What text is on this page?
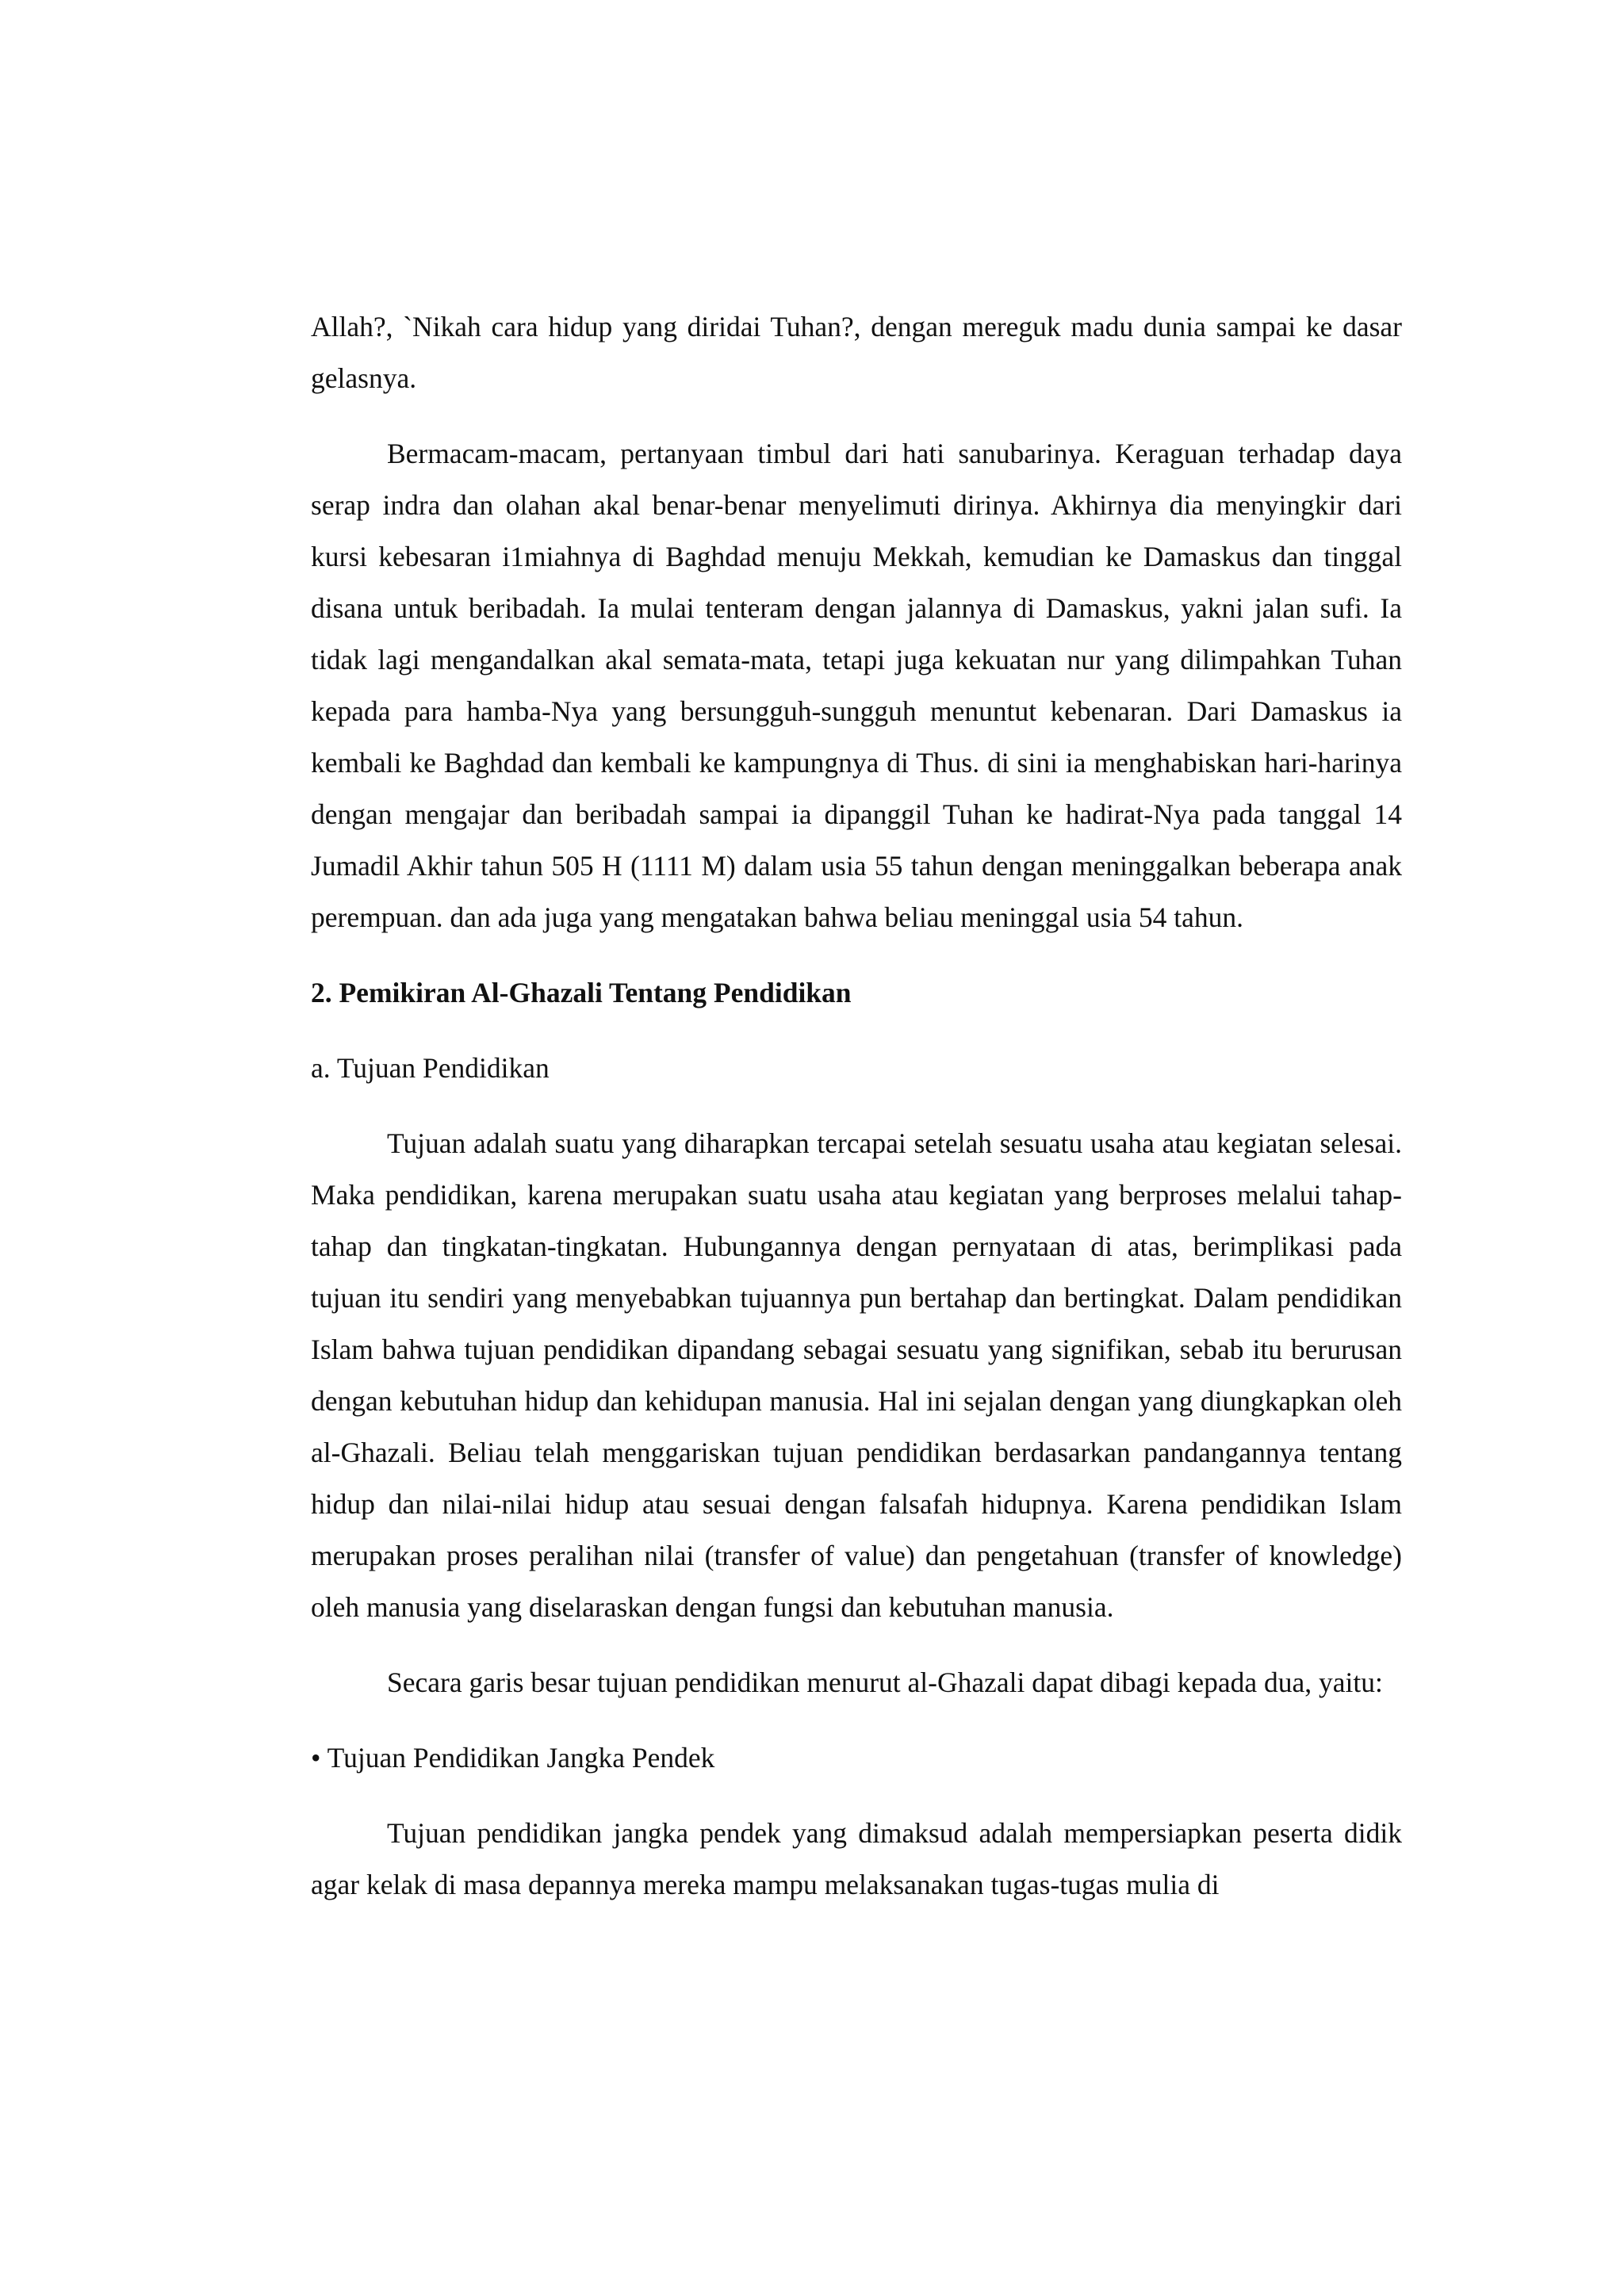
Allah?, `Nikah cara hidup yang diridai Tuhan?, dengan mereguk madu dunia sampai ke dasar gelasnya.

Bermacam-macam, pertanyaan timbul dari hati sanubarinya. Keraguan terhadap daya serap indra dan olahan akal benar-benar menyelimuti dirinya. Akhirnya dia menyingkir dari kursi kebesaran i1miahnya di Baghdad menuju Mekkah, kemudian ke Damaskus dan tinggal disana untuk beribadah. Ia mulai tenteram dengan jalannya di Damaskus, yakni jalan sufi. Ia tidak lagi mengandalkan akal semata-mata, tetapi juga kekuatan nur yang dilimpahkan Tuhan kepada para hamba-Nya yang bersungguh-sungguh menuntut kebenaran. Dari Damaskus ia kembali ke Baghdad dan kembali ke kampungnya di Thus. di sini ia menghabiskan hari-harinya dengan mengajar dan beribadah sampai ia dipanggil Tuhan ke hadirat-Nya pada tanggal 14 Jumadil Akhir tahun 505 H (1111 M) dalam usia 55 tahun dengan meninggalkan beberapa anak perempuan. dan ada juga yang mengatakan bahwa beliau meninggal usia 54 tahun.

2. Pemikiran Al-Ghazali Tentang Pendidikan

a. Tujuan Pendidikan

Tujuan adalah suatu yang diharapkan tercapai setelah sesuatu usaha atau kegiatan selesai. Maka pendidikan, karena merupakan suatu usaha atau kegiatan yang berproses melalui tahap-tahap dan tingkatan-tingkatan. Hubungannya dengan pernyataan di atas, berimplikasi pada tujuan itu sendiri yang menyebabkan tujuannya pun bertahap dan bertingkat. Dalam pendidikan Islam bahwa tujuan pendidikan dipandang sebagai sesuatu yang signifikan, sebab itu berurusan dengan kebutuhan hidup dan kehidupan manusia. Hal ini sejalan dengan yang diungkapkan oleh al-Ghazali. Beliau telah menggariskan tujuan pendidikan berdasarkan pandangannya tentang hidup dan nilai-nilai hidup atau sesuai dengan falsafah hidupnya. Karena pendidikan Islam merupakan proses peralihan nilai (transfer of value) dan pengetahuan (transfer of knowledge) oleh manusia yang diselaraskan dengan fungsi dan kebutuhan manusia.

Secara garis besar tujuan pendidikan menurut al-Ghazali dapat dibagi kepada dua, yaitu:

• Tujuan Pendidikan Jangka Pendek

Tujuan pendidikan jangka pendek yang dimaksud adalah mempersiapkan peserta didik agar kelak di masa depannya mereka mampu melaksanakan tugas-tugas mulia di
